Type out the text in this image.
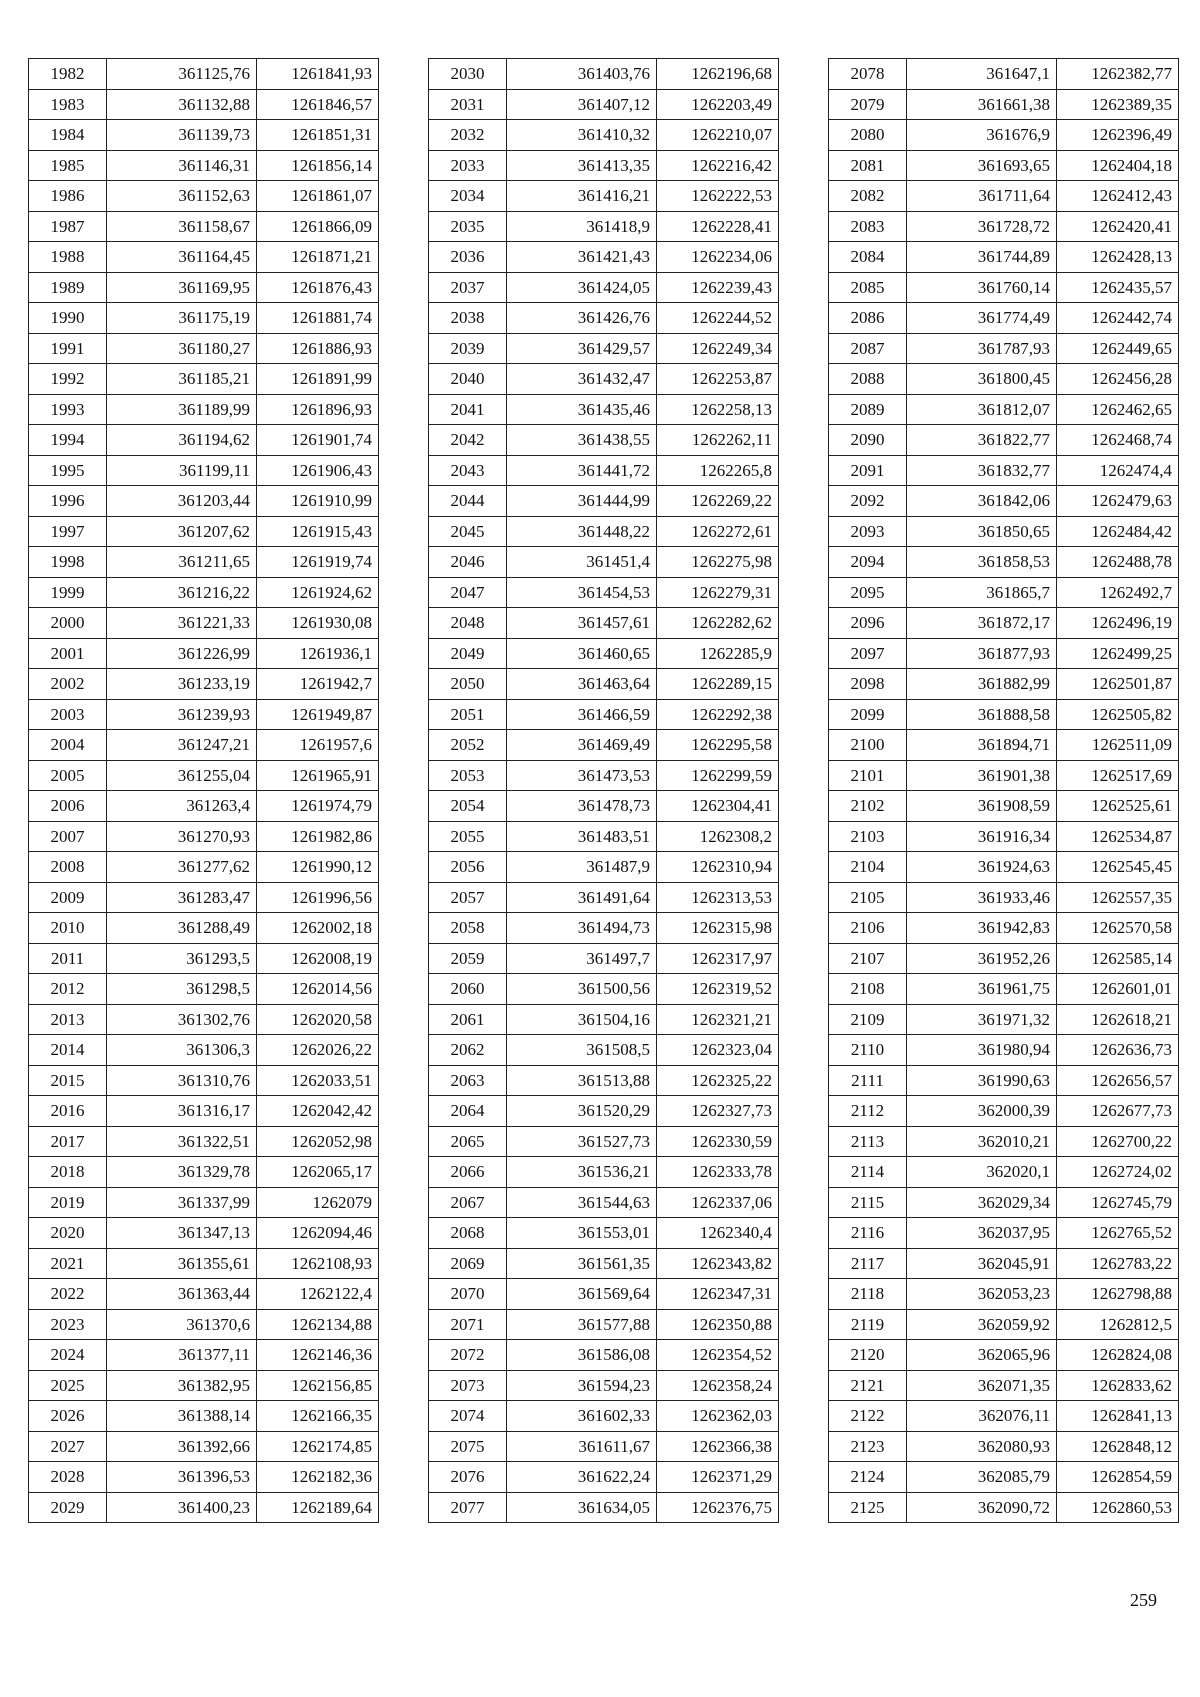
1982	361125,76	1261841,93
1983	361132,88	1261846,57
1984	361139,73	1261851,31
1985	361146,31	1261856,14
1986	361152,63	1261861,07
1987	361158,67	1261866,09
1988	361164,45	1261871,21
1989	361169,95	1261876,43
1990	361175,19	1261881,74
1991	361180,27	1261886,93
1992	361185,21	1261891,99
1993	361189,99	1261896,93
1994	361194,62	1261901,74
1995	361199,11	1261906,43
1996	361203,44	1261910,99
1997	361207,62	1261915,43
1998	361211,65	1261919,74
1999	361216,22	1261924,62
2000	361221,33	1261930,08
2001	361226,99	1261936,1
2002	361233,19	1261942,7
2003	361239,93	1261949,87
2004	361247,21	1261957,6
2005	361255,04	1261965,91
2006	361263,4	1261974,79
2007	361270,93	1261982,86
2008	361277,62	1261990,12
2009	361283,47	1261996,56
2010	361288,49	1262002,18
2011	361293,5	1262008,19
2012	361298,5	1262014,56
2013	361302,76	1262020,58
2014	361306,3	1262026,22
2015	361310,76	1262033,51
2016	361316,17	1262042,42
2017	361322,51	1262052,98
2018	361329,78	1262065,17
2019	361337,99	1262079
2020	361347,13	1262094,46
2021	361355,61	1262108,93
2022	361363,44	1262122,4
2023	361370,6	1262134,88
2024	361377,11	1262146,36
2025	361382,95	1262156,85
2026	361388,14	1262166,35
2027	361392,66	1262174,85
2028	361396,53	1262182,36
2029	361400,23	1262189,64
2030	361403,76	1262196,68
2031	361407,12	1262203,49
2032	361410,32	1262210,07
2033	361413,35	1262216,42
2034	361416,21	1262222,53
2035	361418,9	1262228,41
2036	361421,43	1262234,06
2037	361424,05	1262239,43
2038	361426,76	1262244,52
2039	361429,57	1262249,34
2040	361432,47	1262253,87
2041	361435,46	1262258,13
2042	361438,55	1262262,11
2043	361441,72	1262265,8
2044	361444,99	1262269,22
2045	361448,22	1262272,61
2046	361451,4	1262275,98
2047	361454,53	1262279,31
2048	361457,61	1262282,62
2049	361460,65	1262285,9
2050	361463,64	1262289,15
2051	361466,59	1262292,38
2052	361469,49	1262295,58
2053	361473,53	1262299,59
2054	361478,73	1262304,41
2055	361483,51	1262308,2
2056	361487,9	1262310,94
2057	361491,64	1262313,53
2058	361494,73	1262315,98
2059	361497,7	1262317,97
2060	361500,56	1262319,52
2061	361504,16	1262321,21
2062	361508,5	1262323,04
2063	361513,88	1262325,22
2064	361520,29	1262327,73
2065	361527,73	1262330,59
2066	361536,21	1262333,78
2067	361544,63	1262337,06
2068	361553,01	1262340,4
2069	361561,35	1262343,82
2070	361569,64	1262347,31
2071	361577,88	1262350,88
2072	361586,08	1262354,52
2073	361594,23	1262358,24
2074	361602,33	1262362,03
2075	361611,67	1262366,38
2076	361622,24	1262371,29
2077	361634,05	1262376,75
2078	361647,1	1262382,77
2079	361661,38	1262389,35
2080	361676,9	1262396,49
2081	361693,65	1262404,18
2082	361711,64	1262412,43
2083	361728,72	1262420,41
2084	361744,89	1262428,13
2085	361760,14	1262435,57
2086	361774,49	1262442,74
2087	361787,93	1262449,65
2088	361800,45	1262456,28
2089	361812,07	1262462,65
2090	361822,77	1262468,74
2091	361832,77	1262474,4
2092	361842,06	1262479,63
2093	361850,65	1262484,42
2094	361858,53	1262488,78
2095	361865,7	1262492,7
2096	361872,17	1262496,19
2097	361877,93	1262499,25
2098	361882,99	1262501,87
2099	361888,58	1262505,82
2100	361894,71	1262511,09
2101	361901,38	1262517,69
2102	361908,59	1262525,61
2103	361916,34	1262534,87
2104	361924,63	1262545,45
2105	361933,46	1262557,35
2106	361942,83	1262570,58
2107	361952,26	1262585,14
2108	361961,75	1262601,01
2109	361971,32	1262618,21
2110	361980,94	1262636,73
2111	361990,63	1262656,57
2112	362000,39	1262677,73
2113	362010,21	1262700,22
2114	362020,1	1262724,02
2115	362029,34	1262745,79
2116	362037,95	1262765,52
2117	362045,91	1262783,22
2118	362053,23	1262798,88
2119	362059,92	1262812,5
2120	362065,96	1262824,08
2121	362071,35	1262833,62
2122	362076,11	1262841,13
2123	362080,93	1262848,12
2124	362085,79	1262854,59
2125	362090,72	1262860,53
259
